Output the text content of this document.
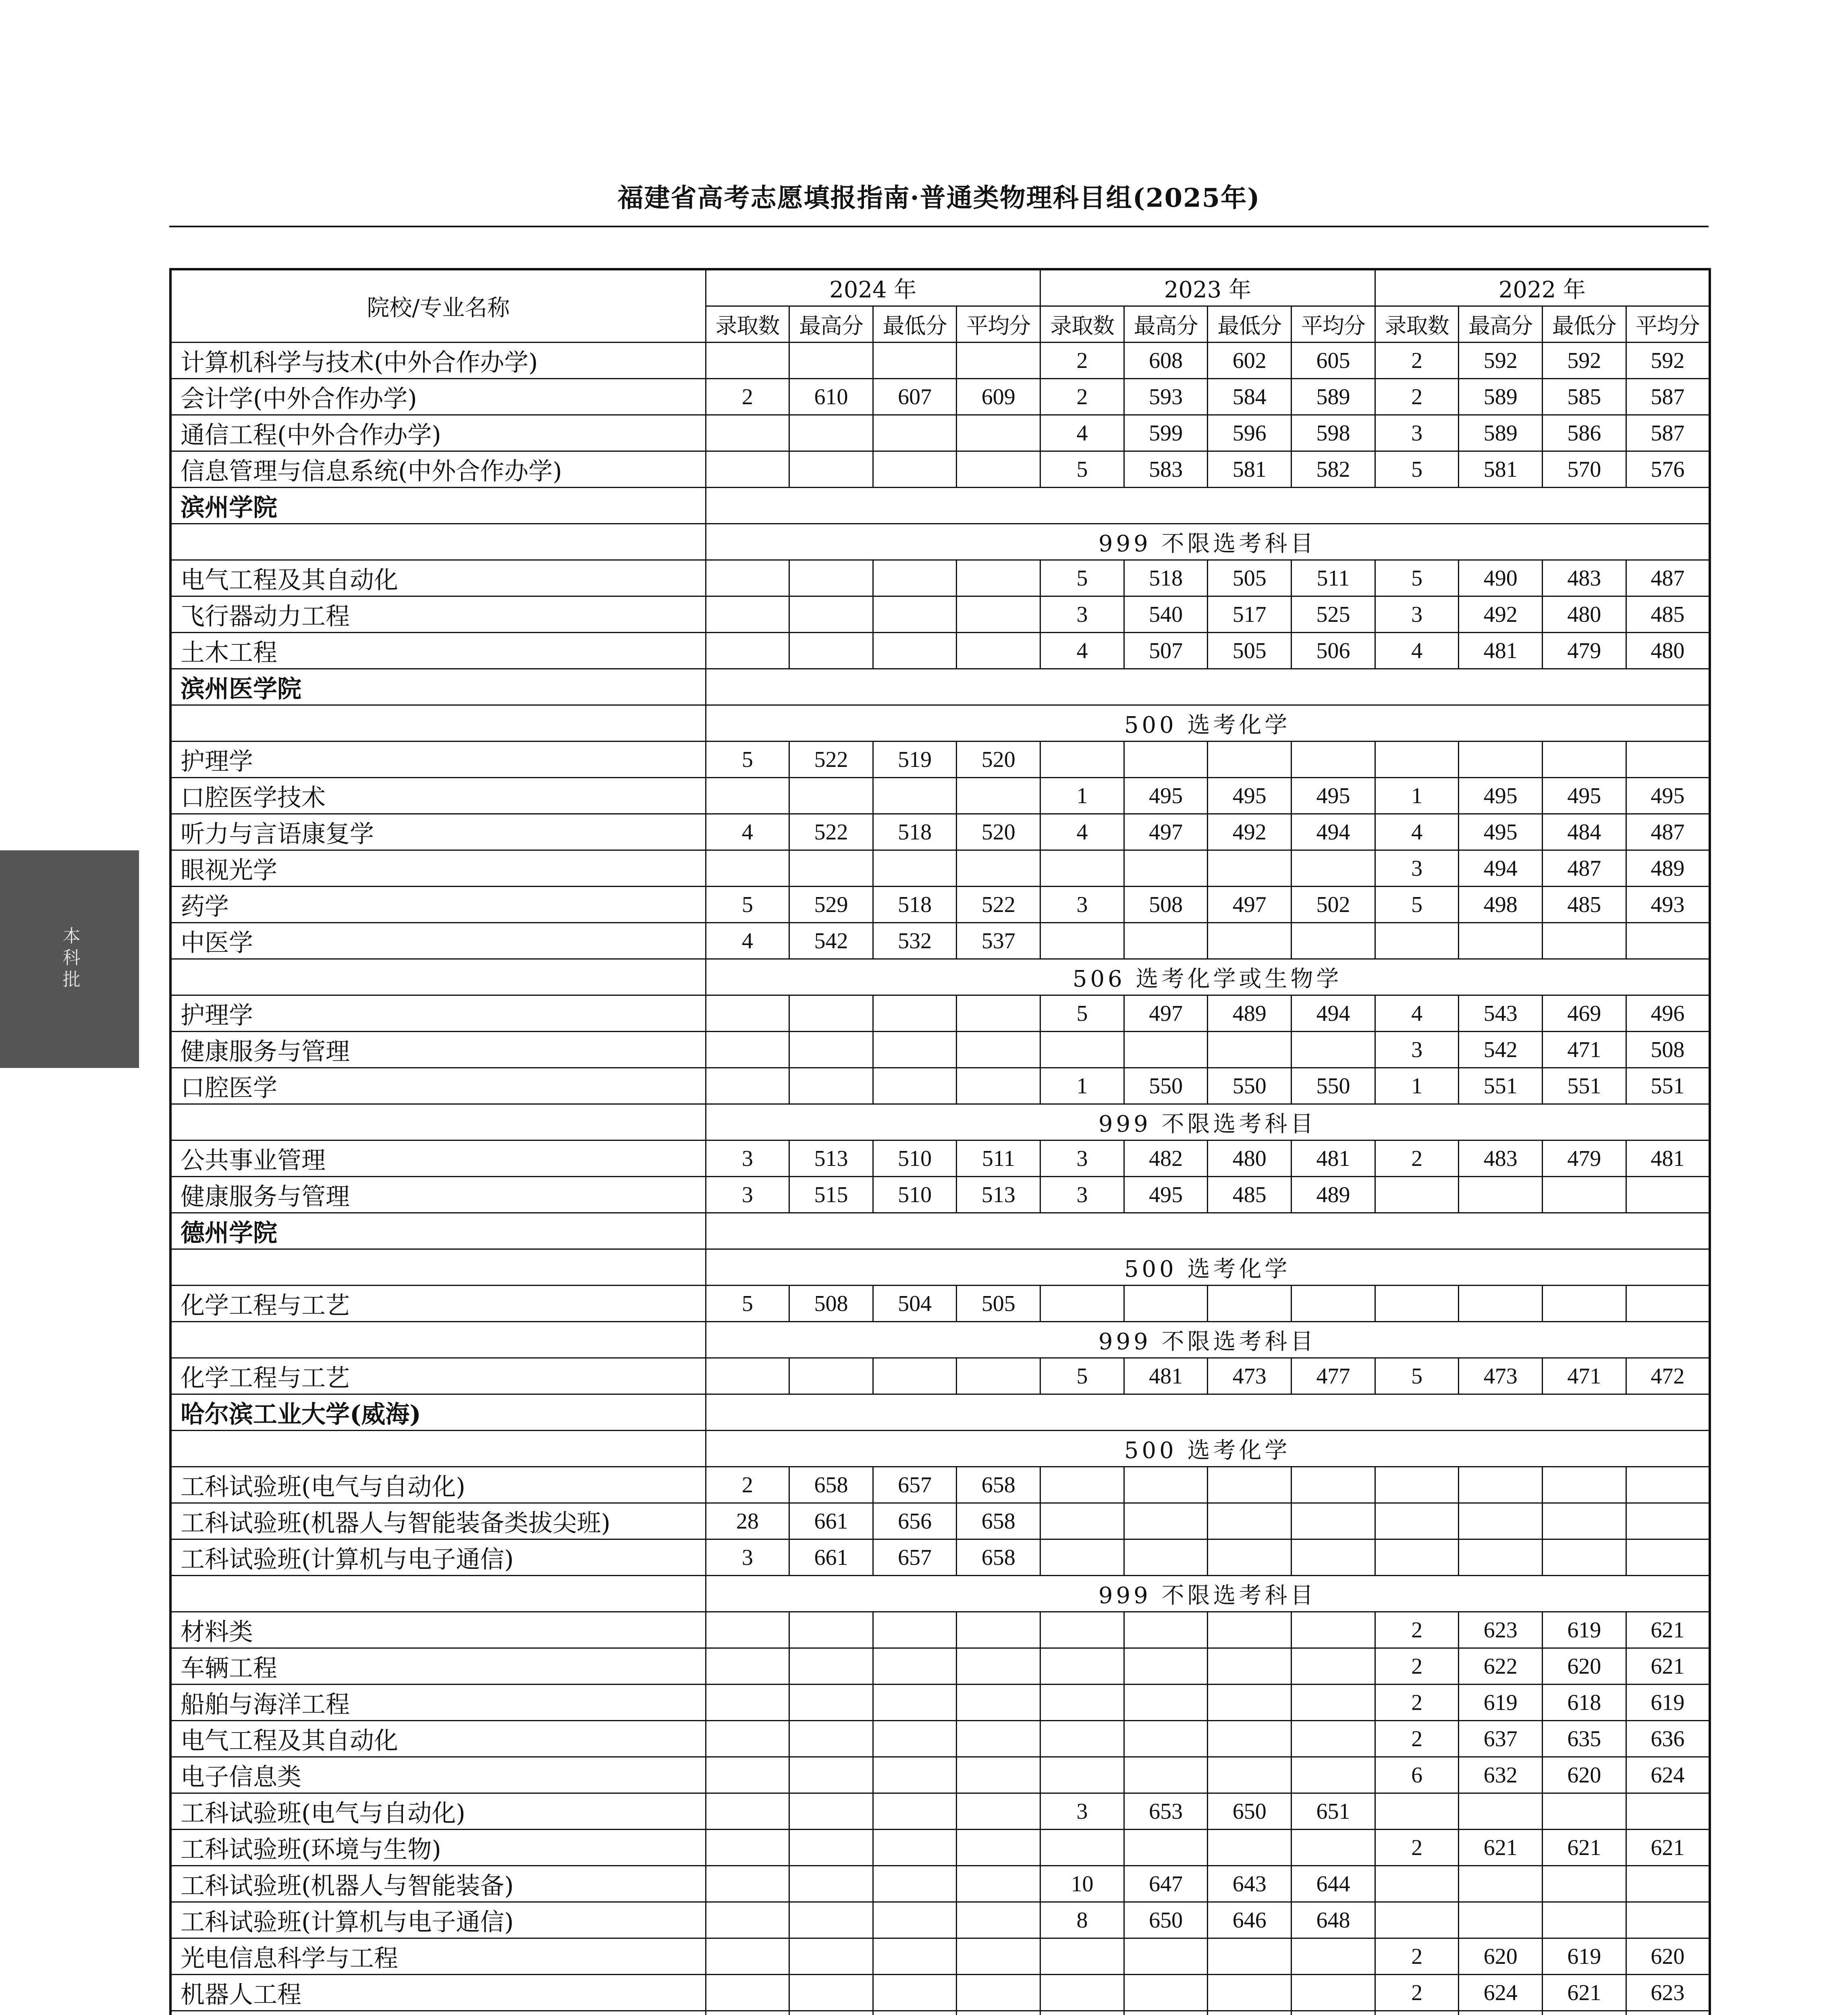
福建省高考志愿填报指南·普通类物理科目组(2025年)
本科批
院校/专业名称	2024 年				2023 年				2022 年			
	录取数	最高分	最低分	平均分	录取数	最高分	最低分	平均分	录取数	最高分	最低分	平均分
计算机科学与技术(中外合作办学)					2	608	602	605	2	592	592	592
会计学(中外合作办学)	2	610	607	609	2	593	584	589	2	589	585	587
通信工程(中外合作办学)					4	599	596	598	3	589	586	587
信息管理与信息系统(中外合作办学)					5	583	581	582	5	581	570	576
滨州学院												
	999 不限选考科目											
电气工程及其自动化					5	518	505	511	5	490	483	487
飞行器动力工程					3	540	517	525	3	492	480	485
土木工程					4	507	505	506	4	481	479	480
滨州医学院												
	500 选考化学											
护理学	5	522	519	520								
口腔医学技术					1	495	495	495	1	495	495	495
听力与言语康复学	4	522	518	520	4	497	492	494	4	495	484	487
眼视光学									3	494	487	489
药学	5	529	518	522	3	508	497	502	5	498	485	493
中医学	4	542	532	537								
	506 选考化学或生物学											
护理学					5	497	489	494	4	543	469	496
健康服务与管理									3	542	471	508
口腔医学					1	550	550	550	1	551	551	551
	999 不限选考科目											
公共事业管理	3	513	510	511	3	482	480	481	2	483	479	481
健康服务与管理	3	515	510	513	3	495	485	489				
德州学院												
	500 选考化学											
化学工程与工艺	5	508	504	505								
	999 不限选考科目											
化学工程与工艺					5	481	473	477	5	473	471	472
哈尔滨工业大学(威海)												
	500 选考化学											
工科试验班(电气与自动化)	2	658	657	658								
工科试验班(机器人与智能装备类拔尖班)	28	661	656	658								
工科试验班(计算机与电子通信)	3	661	657	658								
	999 不限选考科目											
材料类									2	623	619	621
车辆工程									2	622	620	621
船舶与海洋工程									2	619	618	619
电气工程及其自动化									2	637	635	636
电子信息类									6	632	620	624
工科试验班(电气与自动化)					3	653	650	651				
工科试验班(环境与生物)									2	621	621	621
工科试验班(机器人与智能装备)					10	647	643	644				
工科试验班(计算机与电子通信)					8	650	646	648				
光电信息科学与工程									2	620	619	620
机器人工程									2	624	621	623
